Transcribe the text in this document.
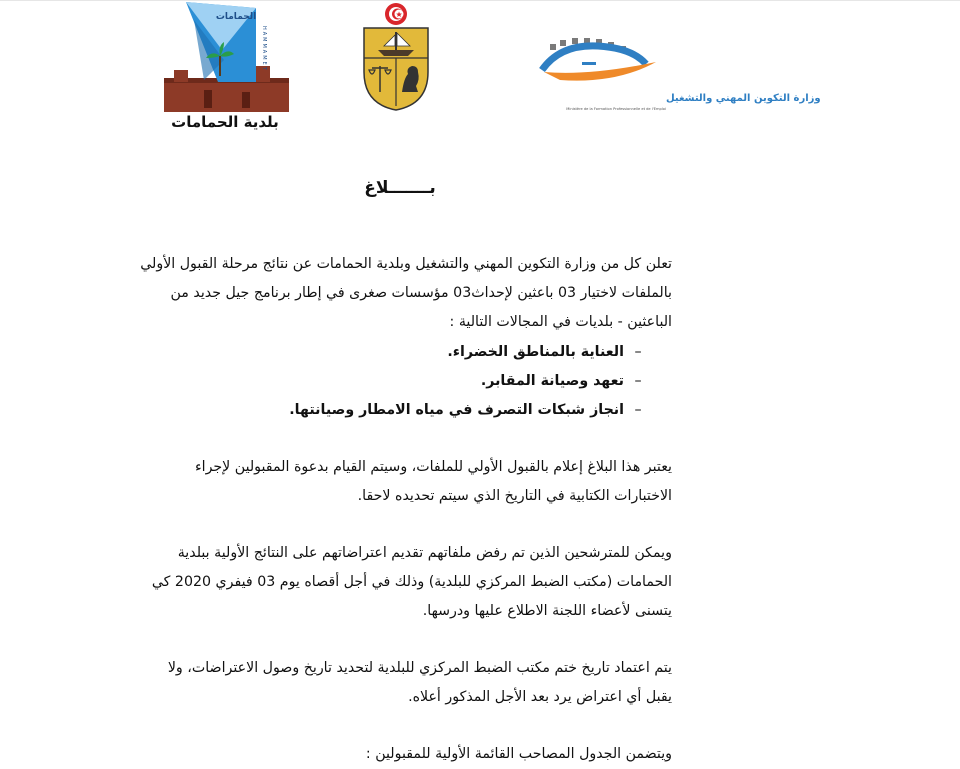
الحمامات
HAMMAMET
بلدية الحمامات
وزارة التكوين المهني والتشغيل
Ministère de la Formation Professionnelle et de l'Emploi
بـــــــلاغ

تعلن كل من وزارة التكوين المهني والتشغيل وبلدية الحمامات عن نتائج مرحلة القبول الأولي بالملفات لاختيار 03 باعثين لإحداث03 مؤسسات صغرى في إطار برنامج جيل جديد من الباعثين - بلديات في المجالات التالية :

–العناية بالمناطق الخضراء.
–تعهد وصيانة المقابر.
–انجاز شبكات التصرف في مياه الامطار وصيانتها.

يعتبر هذا البلاغ إعلام بالقبول الأولي للملفات، وسيتم القيام بدعوة المقبولين لإجراء الاختبارات الكتابية في التاريخ الذي سيتم تحديده لاحقا.

ويمكن للمترشحين الذين تم رفض ملفاتهم تقديم اعتراضاتهم على النتائج الأولية ببلدية الحمامات (مكتب الضبط المركزي للبلدية) وذلك في أجل أقصاه يوم 03 فيفري 2020 كي يتسنى لأعضاء اللجنة الاطلاع عليها ودرسها.

يتم اعتماد تاريخ ختم مكتب الضبط المركزي للبلدية لتحديد تاريخ وصول الاعتراضات، ولا يقبل أي اعتراض يرد بعد الأجل المذكور أعلاه.

ويتضمن الجدول المصاحب القائمة الأولية للمقبولين :
